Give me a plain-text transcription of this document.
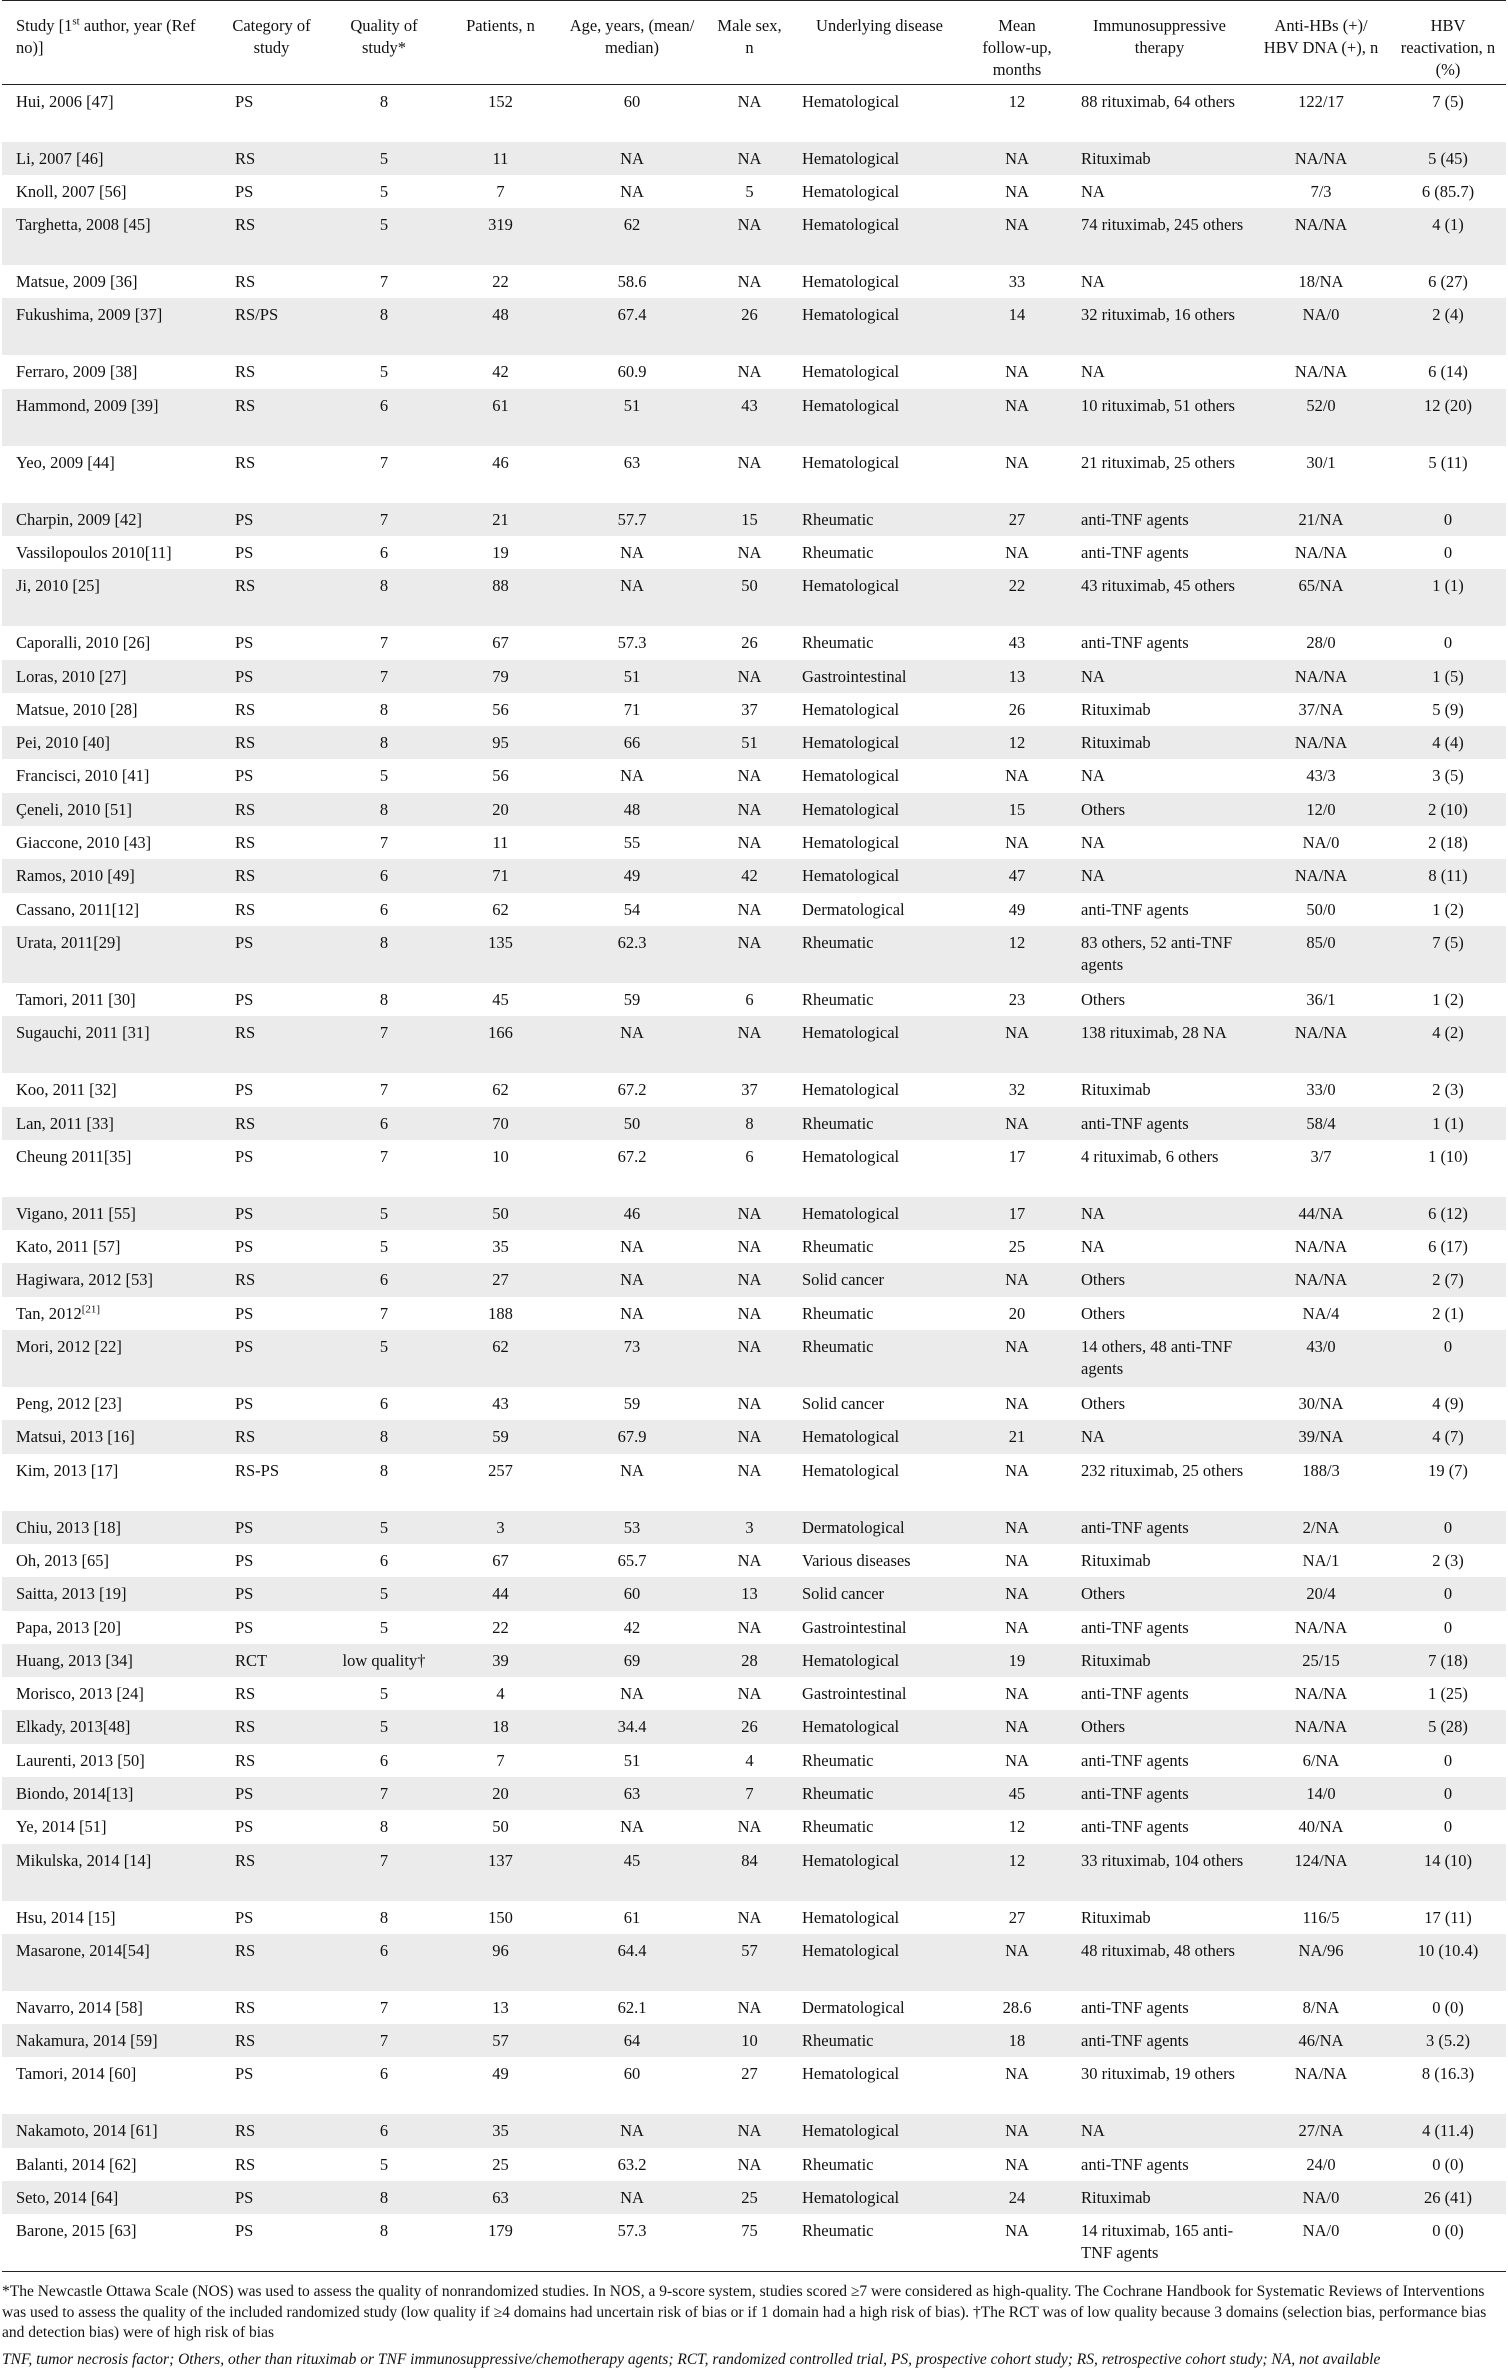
Study [1st author, year (Ref no)]	Category of study	Quality of study*	Patients, n	Age, years, (mean/ median)	Male sex, n	Underlying disease	Mean follow-up, months	Immunosuppressive therapy	Anti-HBs (+)/ HBV DNA (+), n	HBV reactivation, n (%)
Hui, 2006 [47]	PS	8	152	60	NA	Hematological	12	88 rituximab, 64 others	122/17	7 (5)
Li, 2007 [46]	RS	5	11	NA	NA	Hematological	NA	Rituximab	NA/NA	5 (45)
Knoll, 2007 [56]	PS	5	7	NA	5	Hematological	NA	NA	7/3	6 (85.7)
Targhetta, 2008 [45]	RS	5	319	62	NA	Hematological	NA	74 rituximab, 245 others	NA/NA	4 (1)
Matsue, 2009 [36]	RS	7	22	58.6	NA	Hematological	33	NA	18/NA	6 (27)
Fukushima, 2009 [37]	RS/PS	8	48	67.4	26	Hematological	14	32 rituximab, 16 others	NA/0	2 (4)
Ferraro, 2009 [38]	RS	5	42	60.9	NA	Hematological	NA	NA	NA/NA	6 (14)
Hammond, 2009 [39]	RS	6	61	51	43	Hematological	NA	10 rituximab, 51 others	52/0	12 (20)
Yeo, 2009 [44]	RS	7	46	63	NA	Hematological	NA	21 rituximab, 25 others	30/1	5 (11)
Charpin, 2009 [42]	PS	7	21	57.7	15	Rheumatic	27	anti-TNF agents	21/NA	0
Vassilopoulos 2010[11]	PS	6	19	NA	NA	Rheumatic	NA	anti-TNF agents	NA/NA	0
Ji, 2010 [25]	RS	8	88	NA	50	Hematological	22	43 rituximab, 45 others	65/NA	1 (1)
Caporalli, 2010 [26]	PS	7	67	57.3	26	Rheumatic	43	anti-TNF agents	28/0	0
Loras, 2010 [27]	PS	7	79	51	NA	Gastrointestinal	13	NA	NA/NA	1 (5)
Matsue, 2010 [28]	RS	8	56	71	37	Hematological	26	Rituximab	37/NA	5 (9)
Pei, 2010 [40]	RS	8	95	66	51	Hematological	12	Rituximab	NA/NA	4 (4)
Francisci, 2010 [41]	PS	5	56	NA	NA	Hematological	NA	NA	43/3	3 (5)
Çeneli, 2010 [51]	RS	8	20	48	NA	Hematological	15	Others	12/0	2 (10)
Giaccone, 2010 [43]	RS	7	11	55	NA	Hematological	NA	NA	NA/0	2 (18)
Ramos, 2010 [49]	RS	6	71	49	42	Hematological	47	NA	NA/NA	8 (11)
Cassano, 2011[12]	RS	6	62	54	NA	Dermatological	49	anti-TNF agents	50/0	1 (2)
Urata, 2011[29]	PS	8	135	62.3	NA	Rheumatic	12	83 others, 52 anti-TNF agents	85/0	7 (5)
Tamori, 2011 [30]	PS	8	45	59	6	Rheumatic	23	Others	36/1	1 (2)
Sugauchi, 2011 [31]	RS	7	166	NA	NA	Hematological	NA	138 rituximab, 28 NA	NA/NA	4 (2)
Koo, 2011 [32]	PS	7	62	67.2	37	Hematological	32	Rituximab	33/0	2 (3)
Lan, 2011 [33]	RS	6	70	50	8	Rheumatic	NA	anti-TNF agents	58/4	1 (1)
Cheung 2011[35]	PS	7	10	67.2	6	Hematological	17	4 rituximab, 6 others	3/7	1 (10)
Vigano, 2011 [55]	PS	5	50	46	NA	Hematological	17	NA	44/NA	6 (12)
Kato, 2011 [57]	PS	5	35	NA	NA	Rheumatic	25	NA	NA/NA	6 (17)
Hagiwara, 2012 [53]	RS	6	27	NA	NA	Solid cancer	NA	Others	NA/NA	2 (7)
Tan, 2012[21]	PS	7	188	NA	NA	Rheumatic	20	Others	NA/4	2 (1)
Mori, 2012 [22]	PS	5	62	73	NA	Rheumatic	NA	14 others, 48 anti-TNF agents	43/0	0
Peng, 2012 [23]	PS	6	43	59	NA	Solid cancer	NA	Others	30/NA	4 (9)
Matsui, 2013 [16]	RS	8	59	67.9	NA	Hematological	21	NA	39/NA	4 (7)
Kim, 2013 [17]	RS-PS	8	257	NA	NA	Hematological	NA	232 rituximab, 25 others	188/3	19 (7)
Chiu, 2013 [18]	PS	5	3	53	3	Dermatological	NA	anti-TNF agents	2/NA	0
Oh, 2013 [65]	PS	6	67	65.7	NA	Various diseases	NA	Rituximab	NA/1	2 (3)
Saitta, 2013 [19]	PS	5	44	60	13	Solid cancer	NA	Others	20/4	0
Papa, 2013 [20]	PS	5	22	42	NA	Gastrointestinal	NA	anti-TNF agents	NA/NA	0
Huang, 2013 [34]	RCT	low quality†	39	69	28	Hematological	19	Rituximab	25/15	7 (18)
Morisco, 2013 [24]	RS	5	4	NA	NA	Gastrointestinal	NA	anti-TNF agents	NA/NA	1 (25)
Elkady, 2013[48]	RS	5	18	34.4	26	Hematological	NA	Others	NA/NA	5 (28)
Laurenti, 2013 [50]	RS	6	7	51	4	Rheumatic	NA	anti-TNF agents	6/NA	0
Biondo, 2014[13]	PS	7	20	63	7	Rheumatic	45	anti-TNF agents	14/0	0
Ye, 2014 [51]	PS	8	50	NA	NA	Rheumatic	12	anti-TNF agents	40/NA	0
Mikulska, 2014 [14]	RS	7	137	45	84	Hematological	12	33 rituximab, 104 others	124/NA	14 (10)
Hsu, 2014 [15]	PS	8	150	61	NA	Hematological	27	Rituximab	116/5	17 (11)
Masarone, 2014[54]	RS	6	96	64.4	57	Hematological	NA	48 rituximab, 48 others	NA/96	10 (10.4)
Navarro, 2014 [58]	RS	7	13	62.1	NA	Dermatological	28.6	anti-TNF agents	8/NA	0 (0)
Nakamura, 2014 [59]	RS	7	57	64	10	Rheumatic	18	anti-TNF agents	46/NA	3 (5.2)
Tamori, 2014 [60]	PS	6	49	60	27	Hematological	NA	30 rituximab, 19 others	NA/NA	8 (16.3)
Nakamoto, 2014 [61]	RS	6	35	NA	NA	Hematological	NA	NA	27/NA	4 (11.4)
Balanti, 2014 [62]	RS	5	25	63.2	NA	Rheumatic	NA	anti-TNF agents	24/0	0 (0)
Seto, 2014 [64]	PS	8	63	NA	25	Hematological	24	Rituximab	NA/0	26 (41)
Barone, 2015 [63]	PS	8	179	57.3	75	Rheumatic	NA	14 rituximab, 165 anti-TNF agents	NA/0	0 (0)

*The Newcastle Ottawa Scale (NOS) was used to assess the quality of nonrandomized studies. In NOS, a 9-score system, studies scored ≥7 were considered as high-quality. The Cochrane Handbook for Systematic Reviews of Interventions was used to assess the quality of the included randomized study (low quality if ≥4 domains had uncertain risk of bias or if 1 domain had a high risk of bias). †The RCT was of low quality because 3 domains (selection bias, performance bias and detection bias) were of high risk of bias

TNF, tumor necrosis factor; Others, other than rituximab or TNF immunosuppressive/chemotherapy agents; RCT, randomized controlled trial, PS, prospective cohort study; RS, retrospective cohort study; NA, not available
